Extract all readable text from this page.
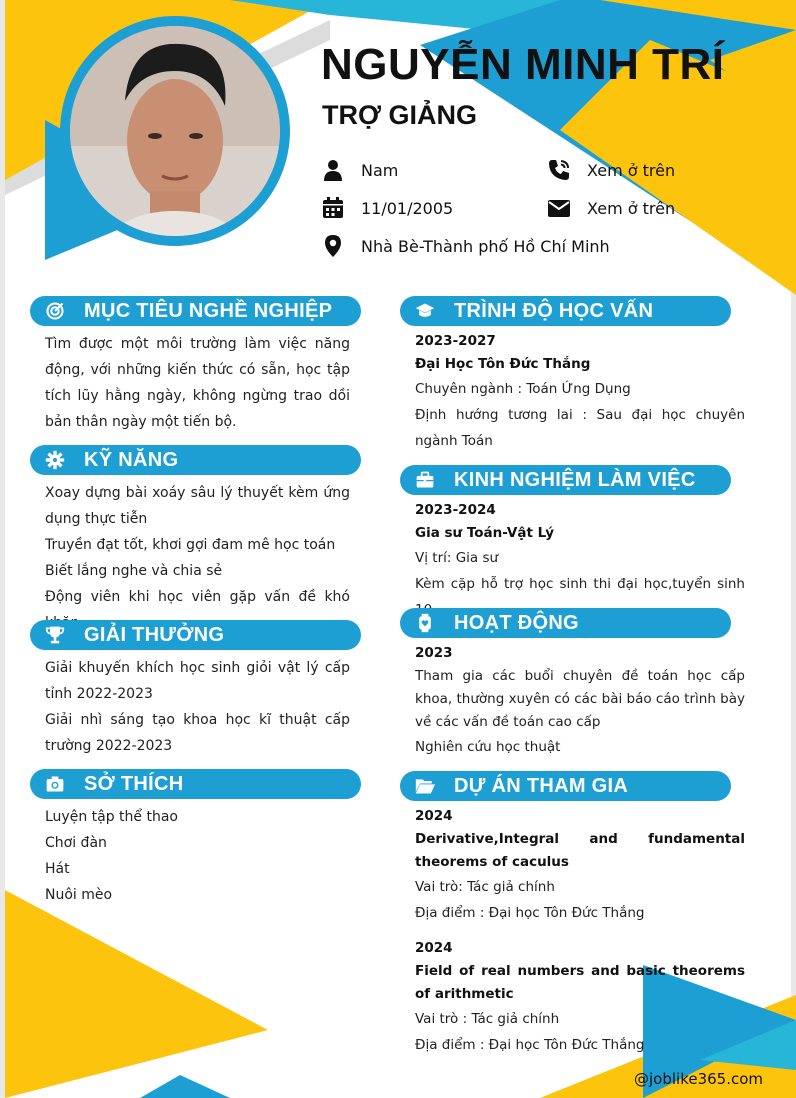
NGUYỄN MINH TRÍ
TRỢ GIẢNG
Nam	Xem ở trên
11/01/2005	Xem ở trên
Nhà Bè-Thành phố Hồ Chí Minh
MỤC TIÊU NGHỀ NGHIỆP

Tìm được một môi trường làm việc năng động, với những kiến thức có sẵn, học tập tích lũy hằng ngày, không ngừng trao dồi bản thân ngày một tiến bộ.

KỸ NĂNG

Xoay dựng bài xoáy sâu lý thuyết kèm ứng dụng thực tiễn

Truyền đạt tốt, khơi gợi đam mê học toán

Biết lắng nghe và chia sẻ

Động viên khi học viên gặp vấn đề khó

GIẢI THƯỞNG

Giải khuyến khích học sinh giỏi vật lý cấp tỉnh 2022-2023

Giải nhì sáng tạo khoa học kĩ thuật cấp trường 2022-2023

SỞ THÍCH

Luyện tập thể thao

Chơi đàn

Hát

Nuôi mèo

TRÌNH ĐỘ HỌC VẤN

2023-2027

Đại Học Tôn Đức Thắng

Chuyên ngành : Toán Ứng Dụng

Định hướng tương lai : Sau đại học chuyên ngành Toán

KINH NGHIỆM LÀM VIỆC

2023-2024

Gia sư Toán-Vật Lý

Vị trí: Gia sư

Kèm cặp hỗ trợ học sinh thi đại học,tuyển sinh

HOẠT ĐỘNG

2023

Tham gia các buổi chuyên đề toán học cấp khoa, thường xuyên có các bài báo cáo trình bày về các vấn đề toán cao cấp

Nghiên cứu học thuật

DỰ ÁN THAM GIA

2024

Derivative,Integral and fundamental theorems of caculus

Vai trò: Tác giả chính

Địa điểm : Đại học Tôn Đức Thắng

2024

Field of real numbers and basic theorems of arithmetic

Vai trò : Tác giả chính

Địa điểm : Đại học Tôn Đức Thắng

@joblike365.com
